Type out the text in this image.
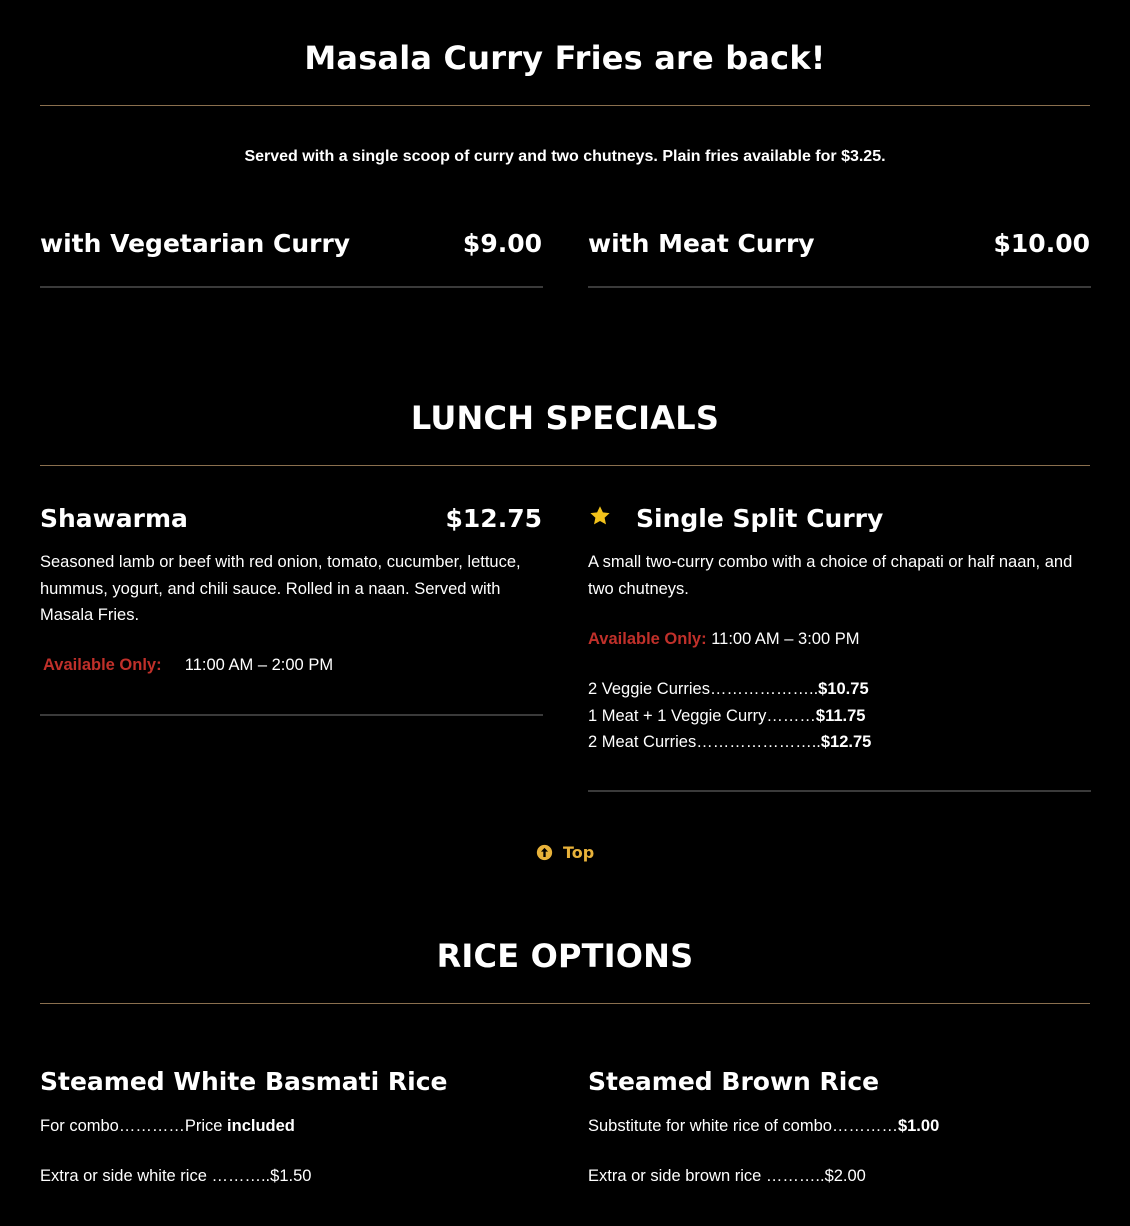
Masala Curry Fries are back!
Served with a single scoop of curry and two chutneys. Plain fries available for $3.25.
with Vegetarian Curry	$9.00 with Meat Curry	$10.00
LUNCH SPECIALS
Shawarma	$12.75
Seasoned lamb or beef with red onion, tomato, cucumber, lettuce,
hummus, yogurt, and chili sauce. Rolled in a naan. Served with
Masala Fries.
Available Only: 11:00 AM – 2:00 PM
Single Split Curry
A small two-curry combo with a choice of chapati or half naan, and
two chutneys.
Available Only: 11:00 AM – 3:00 PM
2 Veggie Curries………………..$10.75
1 Meat + 1 Veggie Curry………$11.75
2 Meat Curries…………………..$12.75
Top
RICE OPTIONS
Steamed White Basmati Rice
For combo…………Price included
Extra or side white rice ………..$1.50
Steamed Brown Rice
Substitute for white rice of combo…………$1.00
Extra or side brown rice ………..$2.00
